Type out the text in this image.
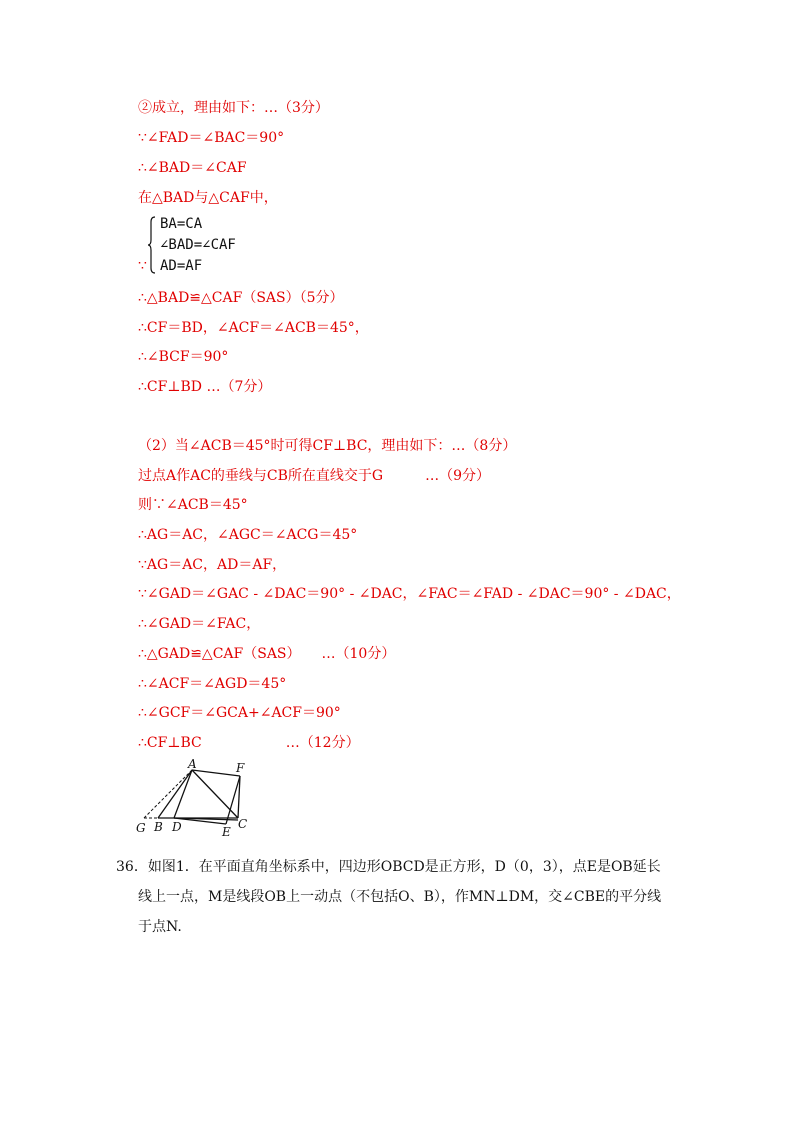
②成立，理由如下：…（3分）
∵∠FAD＝∠BAC＝90°
∴∠BAD＝∠CAF
在△BAD与△CAF中，
∵
BA=CA
∠BAD=∠CAF
AD=AF
∴△BAD≌△CAF（SAS）（5分）
∴CF＝BD，∠ACF＝∠ACB＝45°，
∴∠BCF＝90°
∴CF⊥BD …（7分）
（2）当∠ACB＝45°时可得CF⊥BC，理由如下：…（8分）
过点A作AC的垂线与CB所在直线交于G　　　…（9分）
则∵∠ACB＝45°
∴AG＝AC，∠AGC＝∠ACG＝45°
∵AG＝AC，AD＝AF，
∵∠GAD＝∠GAC - ∠DAC＝90° - ∠DAC，∠FAC＝∠FAD - ∠DAC＝90° - ∠DAC，
∴∠GAD＝∠FAC，
∴△GAD≌△CAF（SAS）　　…（10分）
∴∠ACF＝∠AGD＝45°
∴∠GCF＝∠GCA+∠ACF＝90°
∴CF⊥BC　　　　　　…（12分）
A	F
G B D	C
E
36．如图1．在平面直角坐标系中，四边形OBCD是正方形，D（0，3），点E是OB延长
线上一点，M是线段OB上一动点（不包括O、B），作MN⊥DM，交∠CBE的平分线
于点N.
